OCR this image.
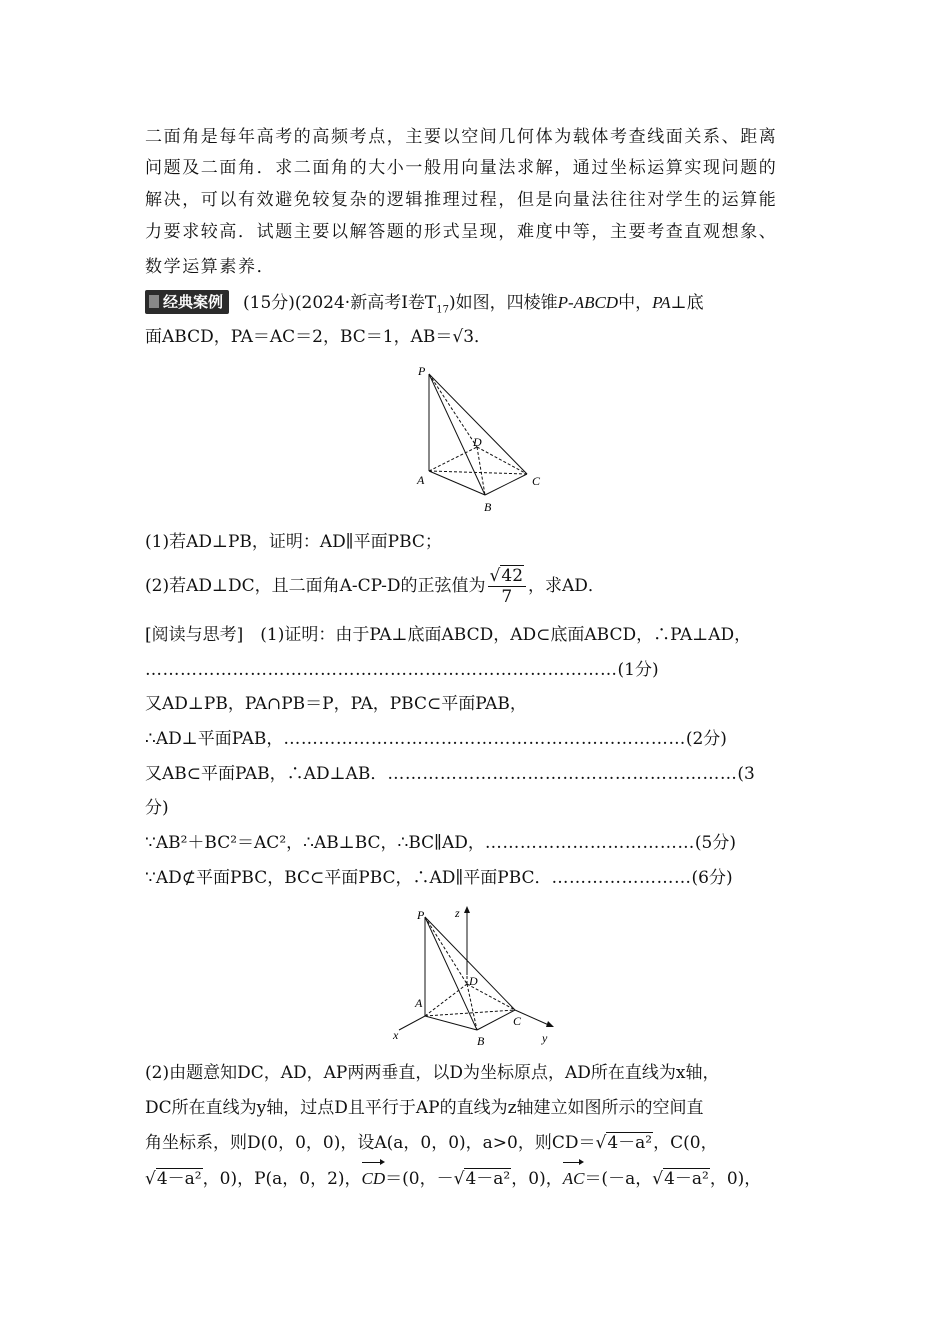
二面角是每年高考的高频考点，主要以空间几何体为载体考查线面关系、距离
问题及二面角．求二面角的大小一般用向量法求解，通过坐标运算实现问题的
解决，可以有效避免较复杂的逻辑推理过程，但是向量法往往对学生的运算能
力要求较高．试题主要以解答题的形式呈现，难度中等，主要考查直观想象、
数学运算素养．
经典案例 (15分)(2024·新高考Ⅰ卷$T_{17}$)如图，四棱锥P-ABCD中，PA⊥底
面ABCD，PA＝AC＝2，BC＝1，AB＝√3．
P
A
B
C
D
(1)若AD⊥PB，证明：AD∥平面PBC；
(2)若AD⊥DC，且二面角A-CP-D的正弦值为 $\frac{√42}{7}$ ，求AD．
[阅读与思考]　(1)证明：由于PA⊥底面ABCD，AD⊂底面ABCD，∴PA⊥AD，
………………………………………………………………………(1分)
又AD⊥PB，PA∩PB＝P，PA，PBC⊂平面PAB，
∴AD⊥平面PAB，……………………………………………………………(2分)
又AB⊂平面PAB，∴AD⊥AB．……………………………………………………(3
分)
∵AB²＋BC²＝AC²，∴AB⊥BC，∴BC∥AD，………………………………(5分)
∵AD⊄平面PBC，BC⊂平面PBC，∴AD∥平面PBC．……………………(6分)
P
A
B
C
D
x	y
z
(2)由题意知DC，AD，AP两两垂直，以D为坐标原点，AD所在直线为x轴，
DC所在直线为y轴，过点D且平行于AP的直线为z轴建立如图所示的空间直
角坐标系，则D(0，0，0)，设A(a，0，0)，a>0，则CD＝√4－a²，C(0，
√4－a²，0)，P(a，0，2)，CD＝(0，－√4－a²，0)，AC＝(－a，√4－a²，0)，
